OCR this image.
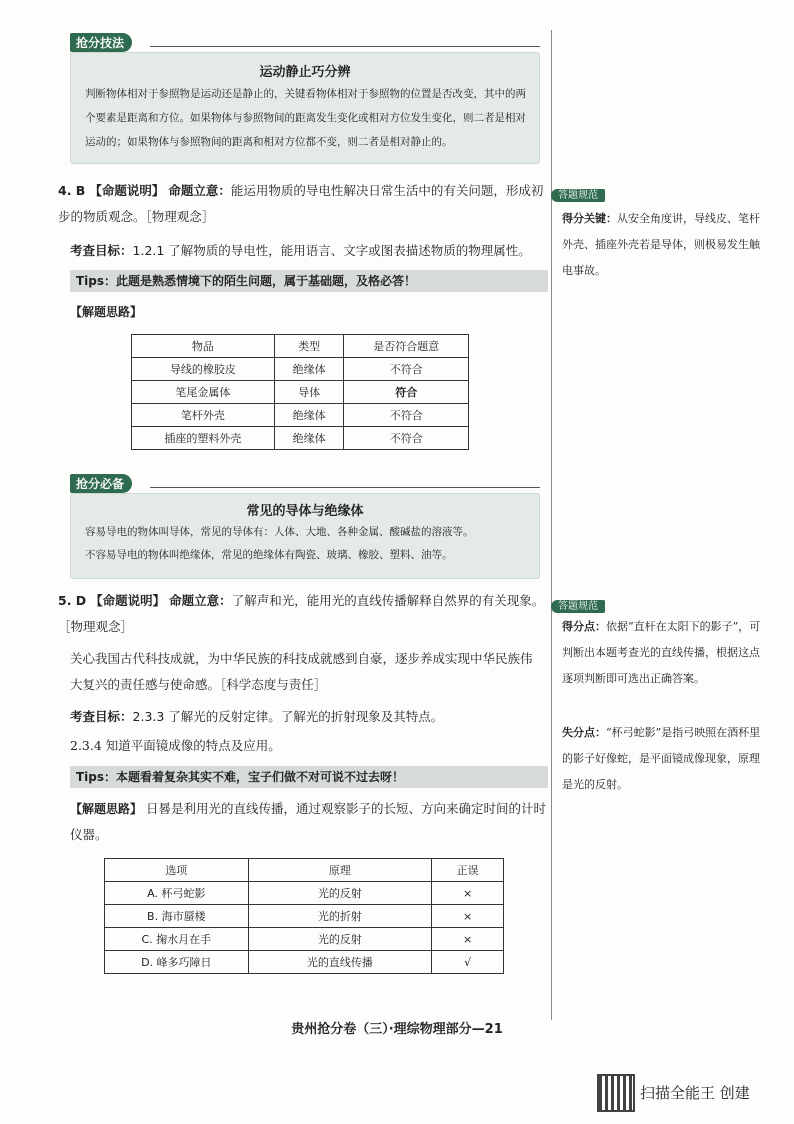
抢分技法
运动静止巧分辨
判断物体相对于参照物是运动还是静止的，关键看物体相对于参照物的位置是否改变，其中的两个要素是距离和方位。如果物体与参照物间的距离发生变化或相对方位发生变化，则二者是相对运动的；如果物体与参照物间的距离和相对方位都不变，则二者是相对静止的。
4. B 【命题说明】 命题立意：能运用物质的导电性解决日常生活中的有关问题，形成初步的物质观念。［物理观念］
考查目标：1.2.1 了解物质的导电性，能用语言、文字或图表描述物质的物理属性。
Tips：此题是熟悉情境下的陌生问题，属于基础题，及格必答！
【解题思路】
物品	类型	是否符合题意
导线的橡胶皮	绝缘体	不符合
笔尾金属体	导体	符合
笔杆外壳	绝缘体	不符合
插座的塑料外壳	绝缘体	不符合
答题规范
得分关键：从安全角度讲，导线皮、笔杆外壳、插座外壳若是导体，则极易发生触电事故。
抢分必备
常见的导体与绝缘体
容易导电的物体叫导体，常见的导体有：人体、大地、各种金属、酸碱盐的溶液等。
不容易导电的物体叫绝缘体，常见的绝缘体有陶瓷、玻璃、橡胶、塑料、油等。
5. D 【命题说明】 命题立意：了解声和光，能用光的直线传播解释自然界的有关现象。［物理观念］
关心我国古代科技成就，为中华民族的科技成就感到自豪，逐步养成实现中华民族伟大复兴的责任感与使命感。［科学态度与责任］
考查目标：2.3.3 了解光的反射定律。了解光的折射现象及其特点。
2.3.4 知道平面镜成像的特点及应用。
Tips：本题看着复杂其实不难，宝子们做不对可说不过去呀！
【解题思路】 日晷是利用光的直线传播，通过观察影子的长短、方向来确定时间的计时仪器。
选项	原理	正误
A. 杯弓蛇影	光的反射	×
B. 海市蜃楼	光的折射	×
C. 掬水月在手	光的反射	×
D. 峰多巧障日	光的直线传播	√
答题规范
得分点：依据“直杆在太阳下的影子”，可判断出本题考查光的直线传播，根据这点逐项判断即可选出正确答案。
失分点：“杯弓蛇影”是指弓映照在酒杯里的影子好像蛇，是平面镜成像现象，原理是光的反射。
贵州抢分卷（三）·理综物理部分—21
扫描全能王 创建
